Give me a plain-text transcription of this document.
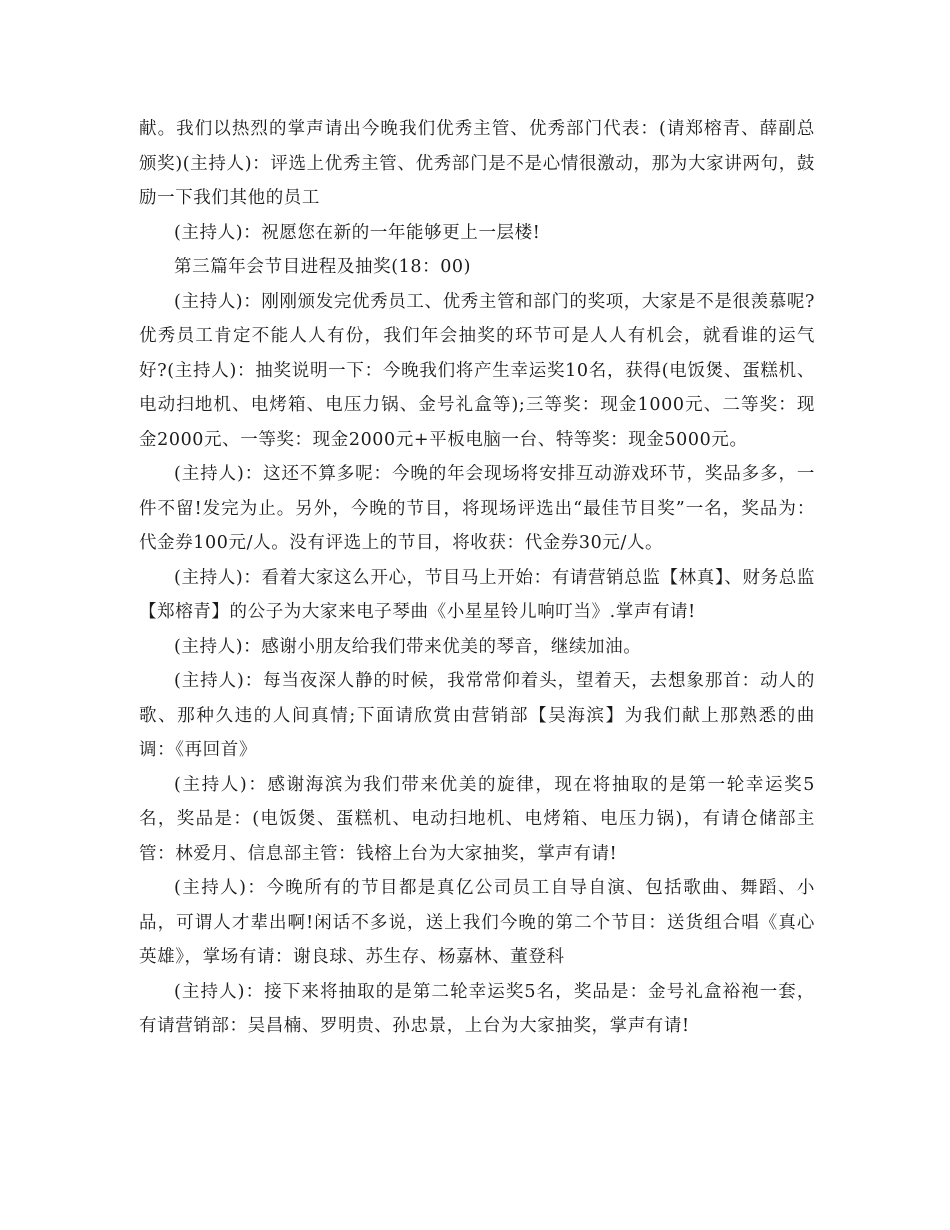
献。我们以热烈的掌声请出今晚我们优秀主管、优秀部门代表：(请郑榕青、薛副总颁奖)(主持人)：评选上优秀主管、优秀部门是不是心情很激动，那为大家讲两句，鼓励一下我们其他的员工

(主持人)：祝愿您在新的一年能够更上一层楼!

第三篇年会节目进程及抽奖(18：00)

(主持人)：刚刚颁发完优秀员工、优秀主管和部门的奖项，大家是不是很羡慕呢?优秀员工肯定不能人人有份，我们年会抽奖的环节可是人人有机会，就看谁的运气好?(主持人)：抽奖说明一下：今晚我们将产生幸运奖10名，获得(电饭煲、蛋糕机、电动扫地机、电烤箱、电压力锅、金号礼盒等);三等奖：现金1000元、二等奖：现金2000元、一等奖：现金2000元+平板电脑一台、特等奖：现金5000元。

(主持人)：这还不算多呢：今晚的年会现场将安排互动游戏环节，奖品多多，一件不留!发完为止。另外，今晚的节目，将现场评选出“最佳节目奖”一名，奖品为：代金券100元/人。没有评选上的节目，将收获：代金券30元/人。

(主持人)：看着大家这么开心，节目马上开始：有请营销总监【林真】、财务总监【郑榕青】的公子为大家来电子琴曲《小星星铃儿响叮当》.掌声有请!

(主持人)：感谢小朋友给我们带来优美的琴音，继续加油。

(主持人)：每当夜深人静的时候，我常常仰着头，望着天，去想象那首：动人的歌、那种久违的人间真情;下面请欣赏由营销部【吴海滨】为我们献上那熟悉的曲调：《再回首》

(主持人)：感谢海滨为我们带来优美的旋律，现在将抽取的是第一轮幸运奖5名，奖品是：(电饭煲、蛋糕机、电动扫地机、电烤箱、电压力锅)，有请仓储部主管：林爱月、信息部主管：钱榕上台为大家抽奖，掌声有请!

(主持人)：今晚所有的节目都是真亿公司员工自导自演、包括歌曲、舞蹈、小品，可谓人才辈出啊!闲话不多说，送上我们今晚的第二个节目：送货组合唱《真心英雄》，掌场有请：谢良球、苏生存、杨嘉林、董登科

(主持人)：接下来将抽取的是第二轮幸运奖5名，奖品是：金号礼盒裕袍一套，有请营销部：吴昌楠、罗明贵、孙忠景，上台为大家抽奖，掌声有请!
